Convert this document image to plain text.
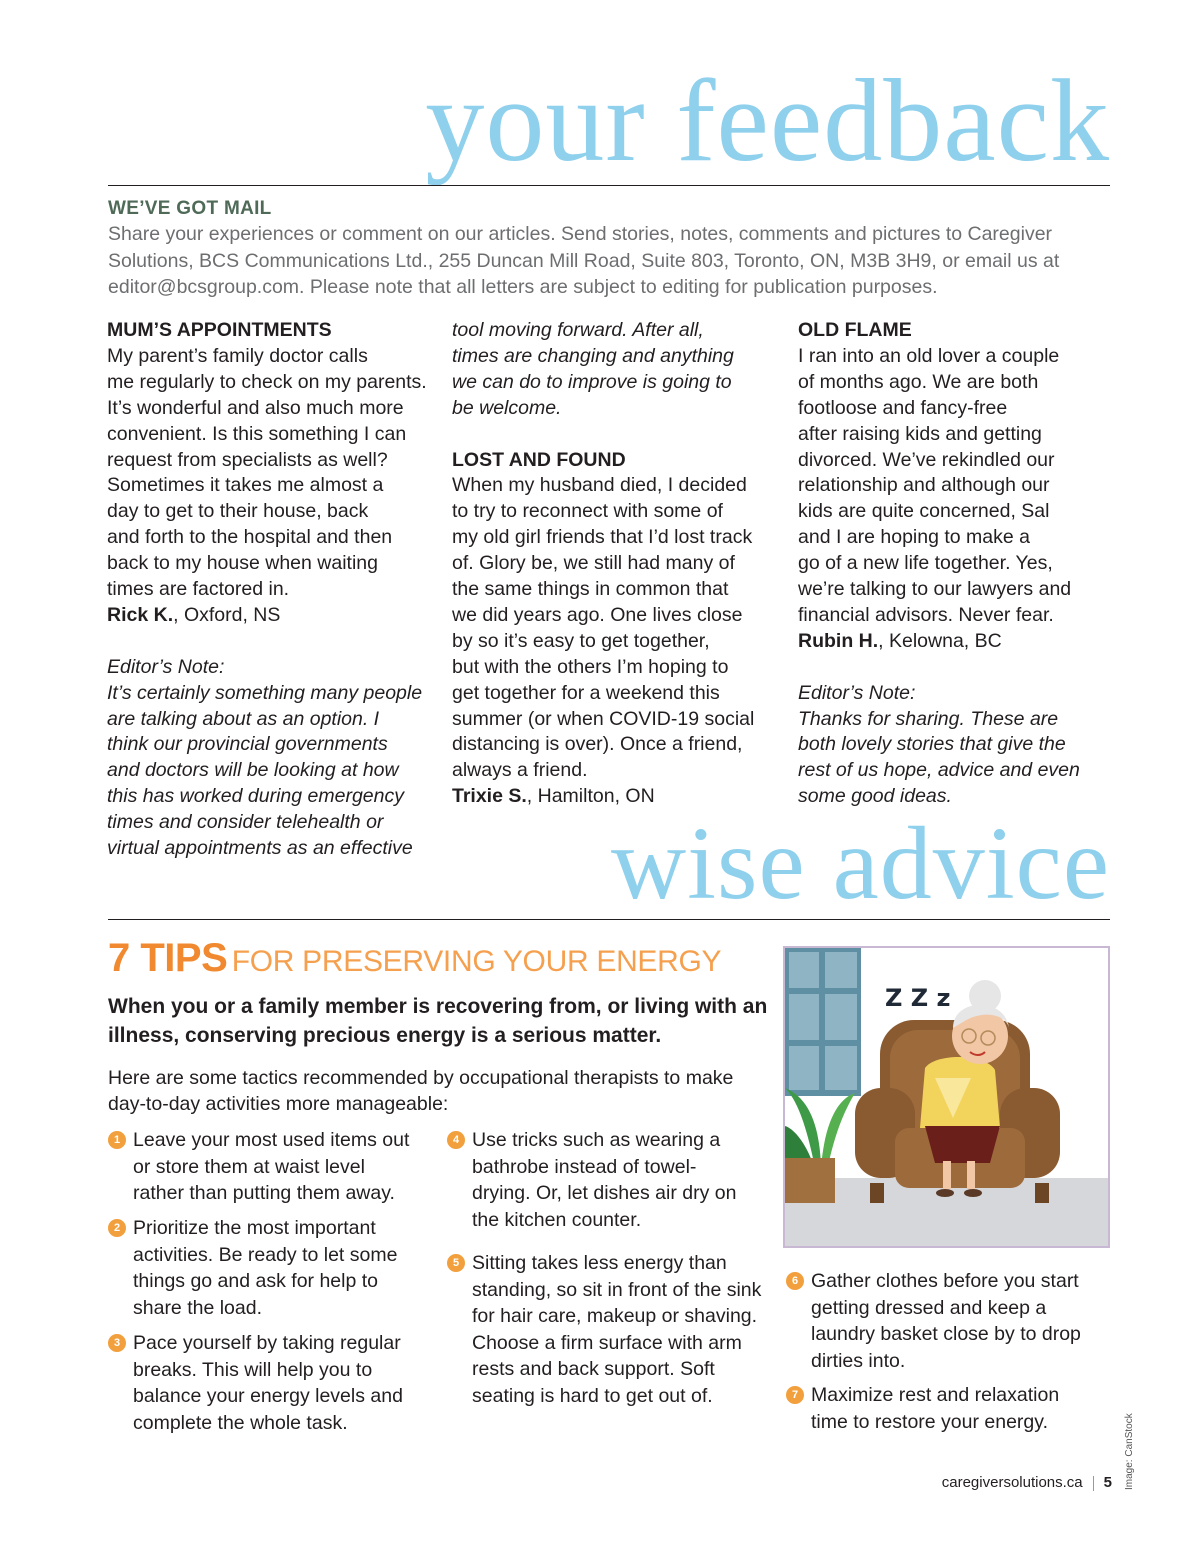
your feedback
WE’VE GOT MAIL
Share your experiences or comment on our articles. Send stories, notes, comments and pictures to Caregiver Solutions, BCS Communications Ltd., 255 Duncan Mill Road, Suite 803, Toronto, ON, M3B 3H9, or email us at editor@bcsgroup.com. Please note that all letters are subject to editing for publication purposes.
MUM’S APPOINTMENTS

My parent’s family doctor calls

me regularly to check on my parents.

It’s wonderful and also much more

convenient. Is this something I can

request from specialists as well?

Sometimes it takes me almost a

day to get to their house, back

and forth to the hospital and then

back to my house when waiting

times are factored in.

Rick K., Oxford, NS

Editor’s Note:

It’s certainly something many people

are talking about as an option. I

think our provincial governments

and doctors will be looking at how

this has worked during emergency

times and consider telehealth or

virtual appointments as an effective

tool moving forward. After all,

times are changing and anything

we can do to improve is going to

be welcome.

LOST AND FOUND

When my husband died, I decided

to try to reconnect with some of

my old girl friends that I’d lost track

of. Glory be, we still had many of

the same things in common that

we did years ago. One lives close

by so it’s easy to get together,

but with the others I’m hoping to

get together for a weekend this

summer (or when COVID-19 social

distancing is over). Once a friend,

always a friend.

Trixie S., Hamilton, ON

OLD FLAME

I ran into an old lover a couple

of months ago. We are both

footloose and fancy-free

after raising kids and getting

divorced. We’ve rekindled our

relationship and although our

kids are quite concerned, Sal

and I are hoping to make a

go of a new life together. Yes,

we’re talking to our lawyers and

financial advisors. Never fear.

Rubin H., Kelowna, BC

Editor’s Note:

Thanks for sharing. These are

both lovely stories that give the

rest of us hope, advice and even

some good ideas.

wise advice
7 TIPS FOR PRESERVING YOUR ENERGY
When you or a family member is recovering from, or living with an illness, conserving precious energy is a serious matter.
Here are some tactics recommended by occupational therapists to make day-to-day activities more manageable:
1 Leave your most used items out or store them at waist level rather than putting them away.
2 Prioritize the most important activities. Be ready to let some things go and ask for help to share the load.
3 Pace yourself by taking regular breaks. This will help you to balance your energy levels and complete the whole task.
4 Use tricks such as wearing a bathrobe instead of towel-drying. Or, let dishes air dry on the kitchen counter.
5 Sitting takes less energy than standing, so sit in front of the sink for hair care, makeup or shaving. Choose a firm surface with arm rests and back support. Soft seating is hard to get out of.
6 Gather clothes before you start getting dressed and keep a laundry basket close by to drop dirties into.
7 Maximize rest and relaxation time to restore your energy.
Z Z z
caregiversolutions.ca 5 Image: CanStock
